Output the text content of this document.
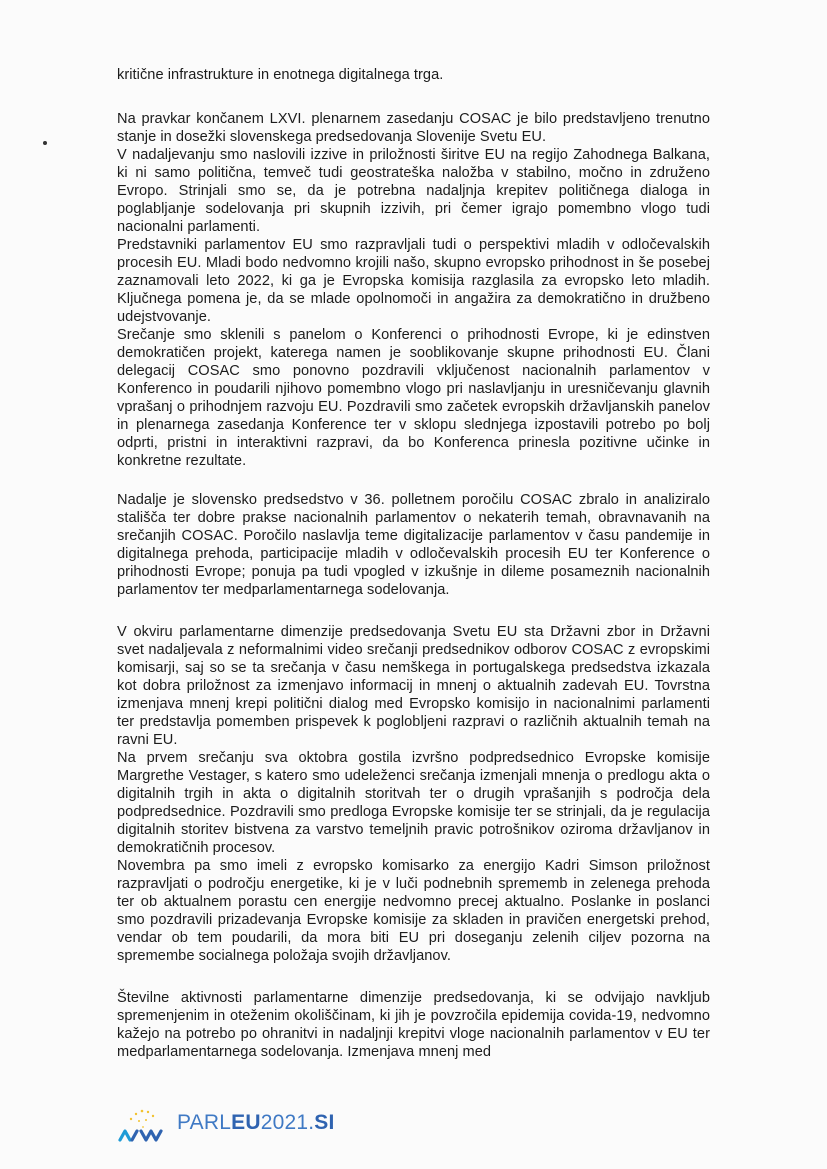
kritične infrastrukture in enotnega digitalnega trga.

Na pravkar končanem LXVI. plenarnem zasedanju COSAC je bilo predstavljeno trenutno stanje in dosežki slovenskega predsedovanja Slovenije Svetu EU.

V nadaljevanju smo naslovili izzive in priložnosti širitve EU na regijo Zahodnega Balkana, ki ni samo politična, temveč tudi geostrateška naložba v stabilno, močno in združeno Evropo. Strinjali smo se, da je potrebna nadaljnja krepitev političnega dialoga in poglabljanje sodelovanja pri skupnih izzivih, pri čemer igrajo pomembno vlogo tudi nacionalni parlamenti.

Predstavniki parlamentov EU smo razpravljali tudi o perspektivi mladih v odločevalskih procesih EU. Mladi bodo nedvomno krojili našo, skupno evropsko prihodnost in še posebej zaznamovali leto 2022, ki ga je Evropska komisija razglasila za evropsko leto mladih. Ključnega pomena je, da se mlade opolnomoči in angažira za demokratično in družbeno udejstvovanje.

Srečanje smo sklenili s panelom o Konferenci o prihodnosti Evrope, ki je edinstven demokratičen projekt, katerega namen je sooblikovanje skupne prihodnosti EU. Člani delegacij COSAC smo ponovno pozdravili vključenost nacionalnih parlamentov v Konferenco in poudarili njihovo pomembno vlogo pri naslavljanju in uresničevanju glavnih vprašanj o prihodnjem razvoju EU. Pozdravili smo začetek evropskih državljanskih panelov in plenarnega zasedanja Konference ter v sklopu slednjega izpostavili potrebo po bolj odprti, pristni in interaktivni razpravi, da bo Konferenca prinesla pozitivne učinke in konkretne rezultate.

Nadalje je slovensko predsedstvo v 36. polletnem poročilu COSAC zbralo in analiziralo stališča ter dobre prakse nacionalnih parlamentov o nekaterih temah, obravnavanih na srečanjih COSAC. Poročilo naslavlja teme digitalizacije parlamentov v času pandemije in digitalnega prehoda, participacije mladih v odločevalskih procesih EU ter Konference o prihodnosti Evrope; ponuja pa tudi vpogled v izkušnje in dileme posameznih nacionalnih parlamentov ter medparlamentarnega sodelovanja.

V okviru parlamentarne dimenzije predsedovanja Svetu EU sta Državni zbor in Državni svet nadaljevala z neformalnimi video srečanji predsednikov odborov COSAC z evropskimi komisarji, saj so se ta srečanja v času nemškega in portugalskega predsedstva izkazala kot dobra priložnost za izmenjavo informacij in mnenj o aktualnih zadevah EU. Tovrstna izmenjava mnenj krepi politični dialog med Evropsko komisijo in nacionalnimi parlamenti ter predstavlja pomemben prispevek k poglobljeni razpravi o različnih aktualnih temah na ravni EU.

Na prvem srečanju sva oktobra gostila izvršno podpredsednico Evropske komisije Margrethe Vestager, s katero smo udeleženci srečanja izmenjali mnenja o predlogu akta o digitalnih trgih in akta o digitalnih storitvah ter o drugih vprašanjih s področja dela podpredsednice. Pozdravili smo predloga Evropske komisije ter se strinjali, da je regulacija digitalnih storitev bistvena za varstvo temeljnih pravic potrošnikov oziroma državljanov in demokratičnih procesov.

Novembra pa smo imeli z evropsko komisarko za energijo Kadri Simson priložnost razpravljati o področju energetike, ki je v luči podnebnih sprememb in zelenega prehoda ter ob aktualnem porastu cen energije nedvomno precej aktualno. Poslanke in poslanci smo pozdravili prizadevanja Evropske komisije za skladen in pravičen energetski prehod, vendar ob tem poudarili, da mora biti EU pri doseganju zelenih ciljev pozorna na spremembe socialnega položaja svojih državljanov.

Številne aktivnosti parlamentarne dimenzije predsedovanja, ki se odvijajo navkljub spremenjenim in oteženim okoliščinam, ki jih je povzročila epidemija covida-19, nedvomno kažejo na potrebo po ohranitvi in nadaljnji krepitvi vloge nacionalnih parlamentov v EU ter medparlamentarnega sodelovanja. Izmenjava mnenj med

PARLEU2021.SI
